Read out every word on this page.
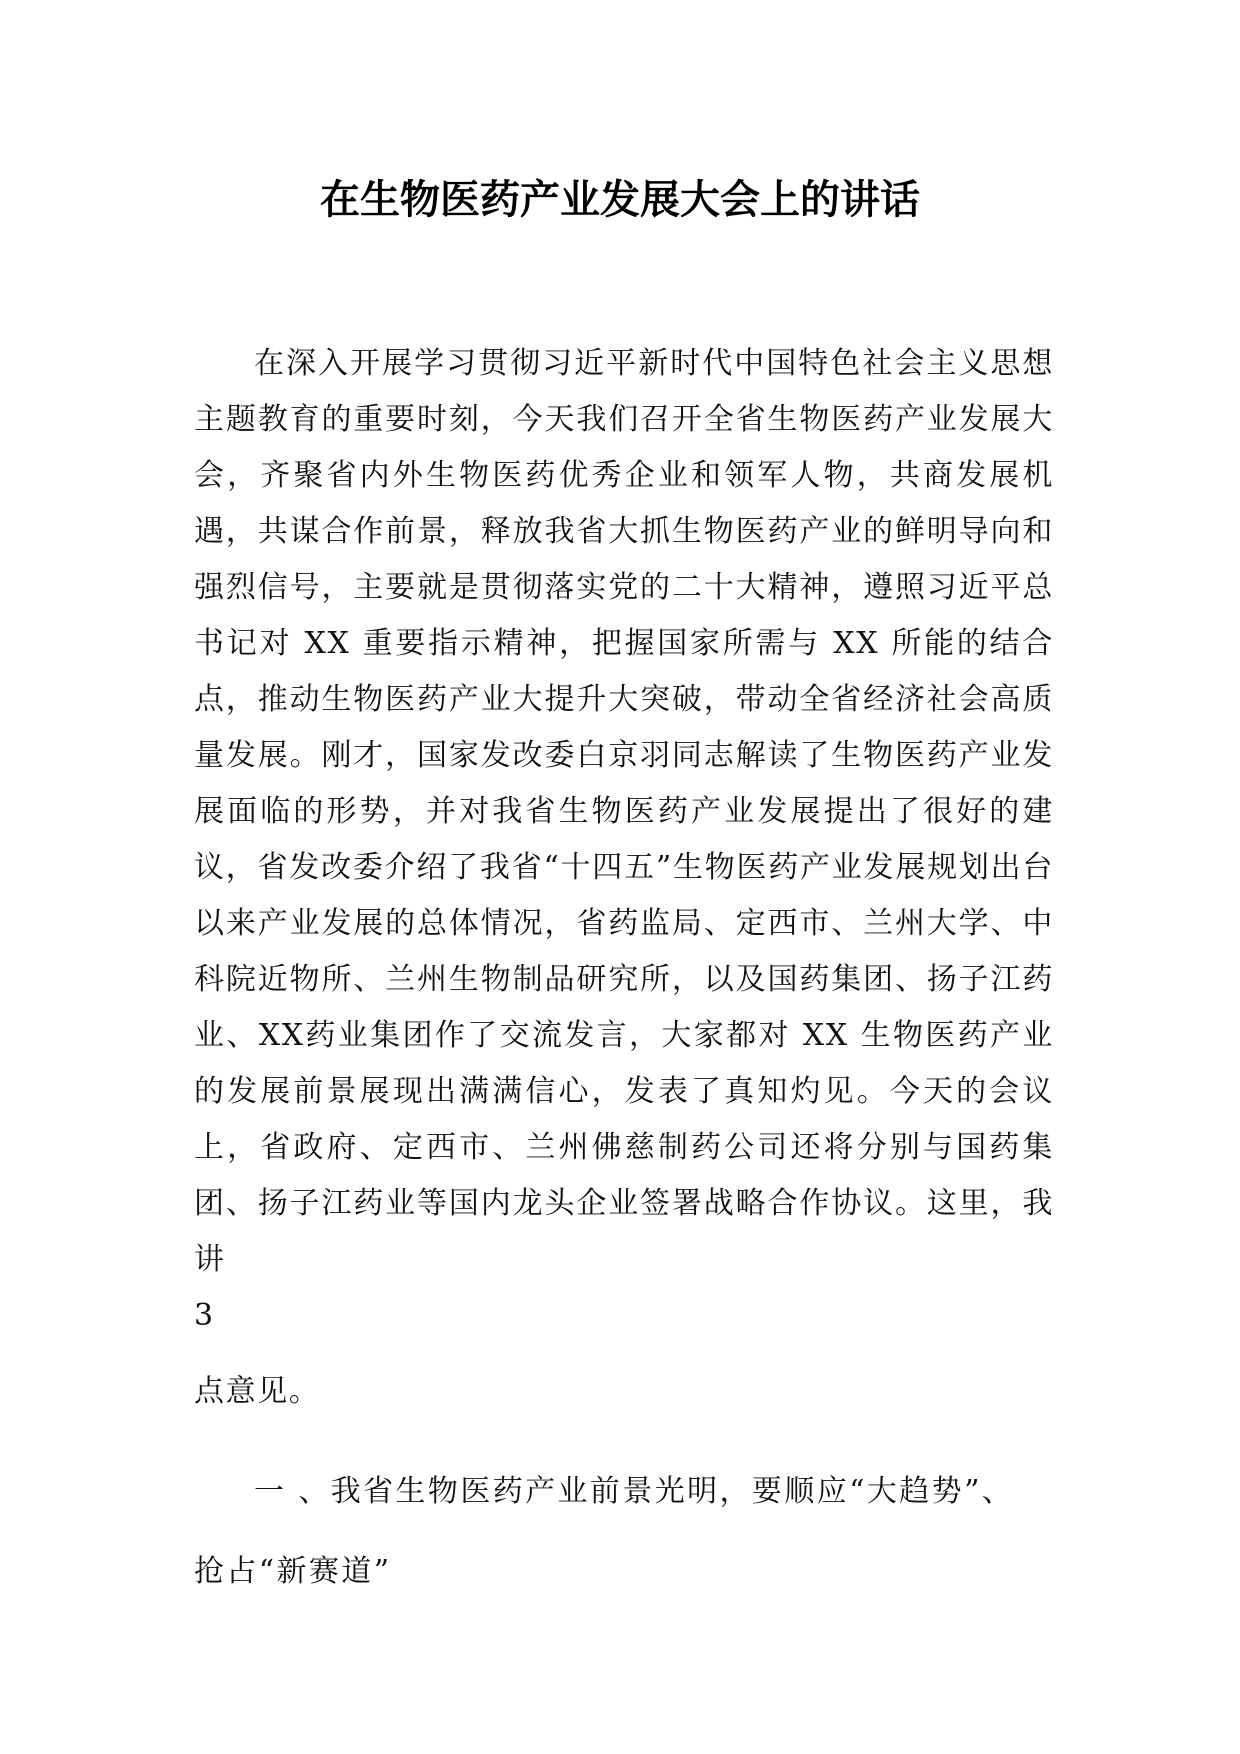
在生物医药产业发展大会上的讲话

在深入开展学习贯彻习近平新时代中国特色社会主义思想主题教育的重要时刻，今天我们召开全省生物医药产业发展大会，齐聚省内外生物医药优秀企业和领军人物，共商发展机遇，共谋合作前景，释放我省大抓生物医药产业的鲜明导向和强烈信号，主要就是贯彻落实党的二十大精神，遵照习近平总书记对 XX 重要指示精神，把握国家所需与 XX 所能的结合点，推动生物医药产业大提升大突破，带动全省经济社会高质量发展。刚才，国家发改委白京羽同志解读了生物医药产业发展面临的形势，并对我省生物医药产业发展提出了很好的建议，省发改委介绍了我省“十四五”生物医药产业发展规划出台以来产业发展的总体情况，省药监局、定西市、兰州大学、中科院近物所、兰州生物制品研究所，以及国药集团、扬子江药业、XX药业集团作了交流发言，大家都对 XX 生物医药产业的发展前景展现出满满信心，发表了真知灼见。今天的会议上，省政府、定西市、兰州佛慈制药公司还将分别与国药集团、扬子江药业等国内龙头企业签署战略合作协议。这里，我讲

3

点意见。

一 、我省生物医药产业前景光明，要顺应“大趋势”、

抢占“新赛道”
